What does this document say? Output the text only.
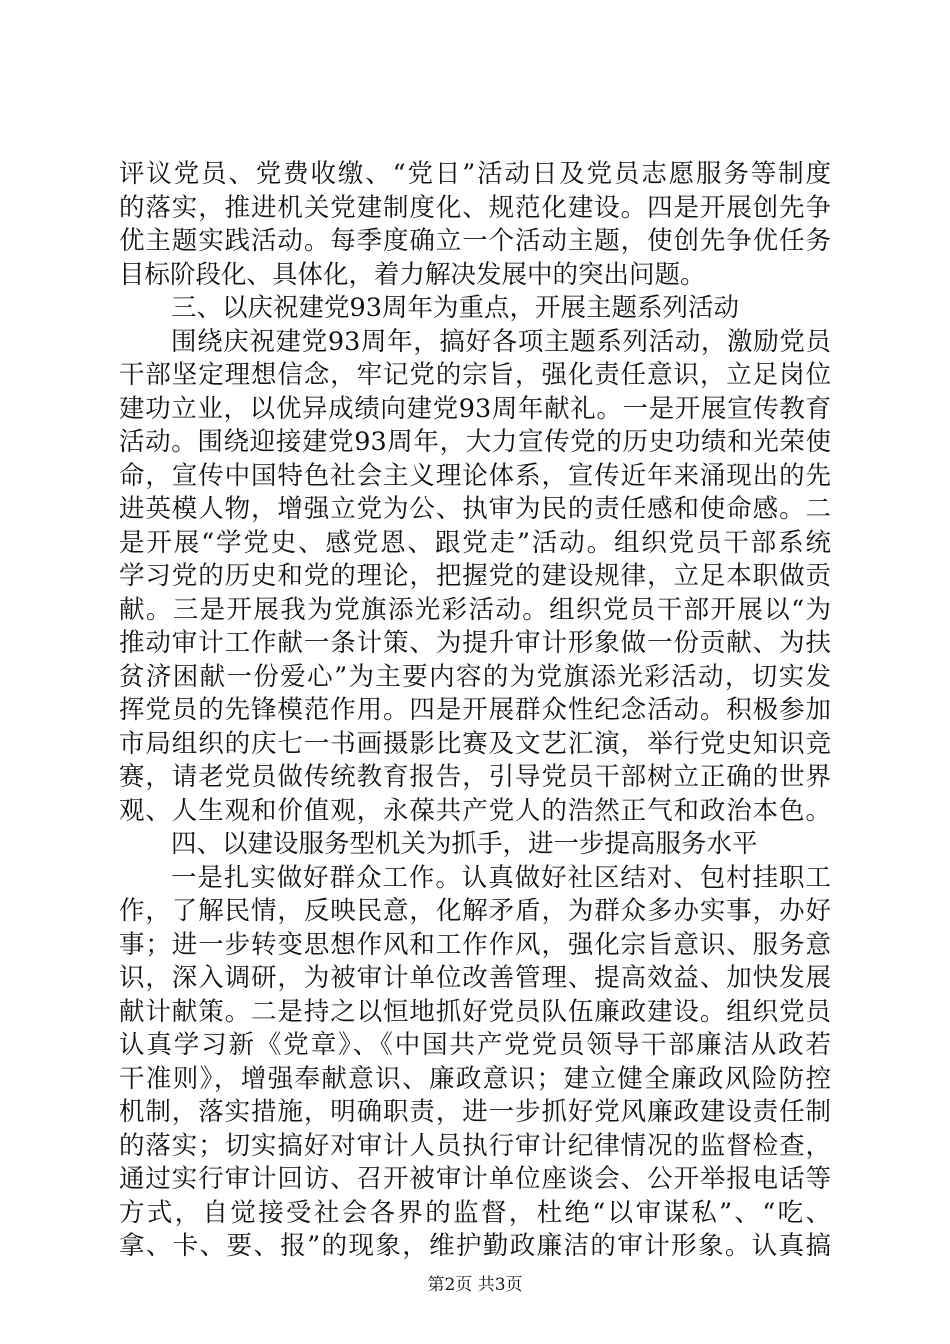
评议党员、党费收缴、“党日”活动日及党员志愿服务等制度
的落实，推进机关党建制度化、规范化建设。四是开展创先争
优主题实践活动。每季度确立一个活动主题，使创先争优任务
目标阶段化、具体化，着力解决发展中的突出问题。
三、以庆祝建党93周年为重点，开展主题系列活动
围绕庆祝建党93周年，搞好各项主题系列活动，激励党员
干部坚定理想信念，牢记党的宗旨，强化责任意识，立足岗位
建功立业，以优异成绩向建党93周年献礼。一是开展宣传教育
活动。围绕迎接建党93周年，大力宣传党的历史功绩和光荣使
命，宣传中国特色社会主义理论体系，宣传近年来涌现出的先
进英模人物，增强立党为公、执审为民的责任感和使命感。二
是开展“学党史、感党恩、跟党走”活动。组织党员干部系统
学习党的历史和党的理论，把握党的建设规律，立足本职做贡
献。三是开展我为党旗添光彩活动。组织党员干部开展以“为
推动审计工作献一条计策、为提升审计形象做一份贡献、为扶
贫济困献一份爱心”为主要内容的为党旗添光彩活动，切实发
挥党员的先锋模范作用。四是开展群众性纪念活动。积极参加
市局组织的庆七一书画摄影比赛及文艺汇演，举行党史知识竞
赛，请老党员做传统教育报告，引导党员干部树立正确的世界
观、人生观和价值观，永葆共产党人的浩然正气和政治本色。
四、以建设服务型机关为抓手，进一步提高服务水平
一是扎实做好群众工作。认真做好社区结对、包村挂职工
作，了解民情，反映民意，化解矛盾，为群众多办实事，办好
事；进一步转变思想作风和工作作风，强化宗旨意识、服务意
识，深入调研，为被审计单位改善管理、提高效益、加快发展
献计献策。二是持之以恒地抓好党员队伍廉政建设。组织党员
认真学习新《党章》、《中国共产党党员领导干部廉洁从政若
干准则》，增强奉献意识、廉政意识；建立健全廉政风险防控
机制，落实措施，明确职责，进一步抓好党风廉政建设责任制
的落实；切实搞好对审计人员执行审计纪律情况的监督检查，
通过实行审计回访、召开被审计单位座谈会、公开举报电话等
方式，自觉接受社会各界的监督，杜绝“以审谋私”、“吃、
拿、卡、要、报”的现象，维护勤政廉洁的审计形象。认真搞
第2页 共3页
